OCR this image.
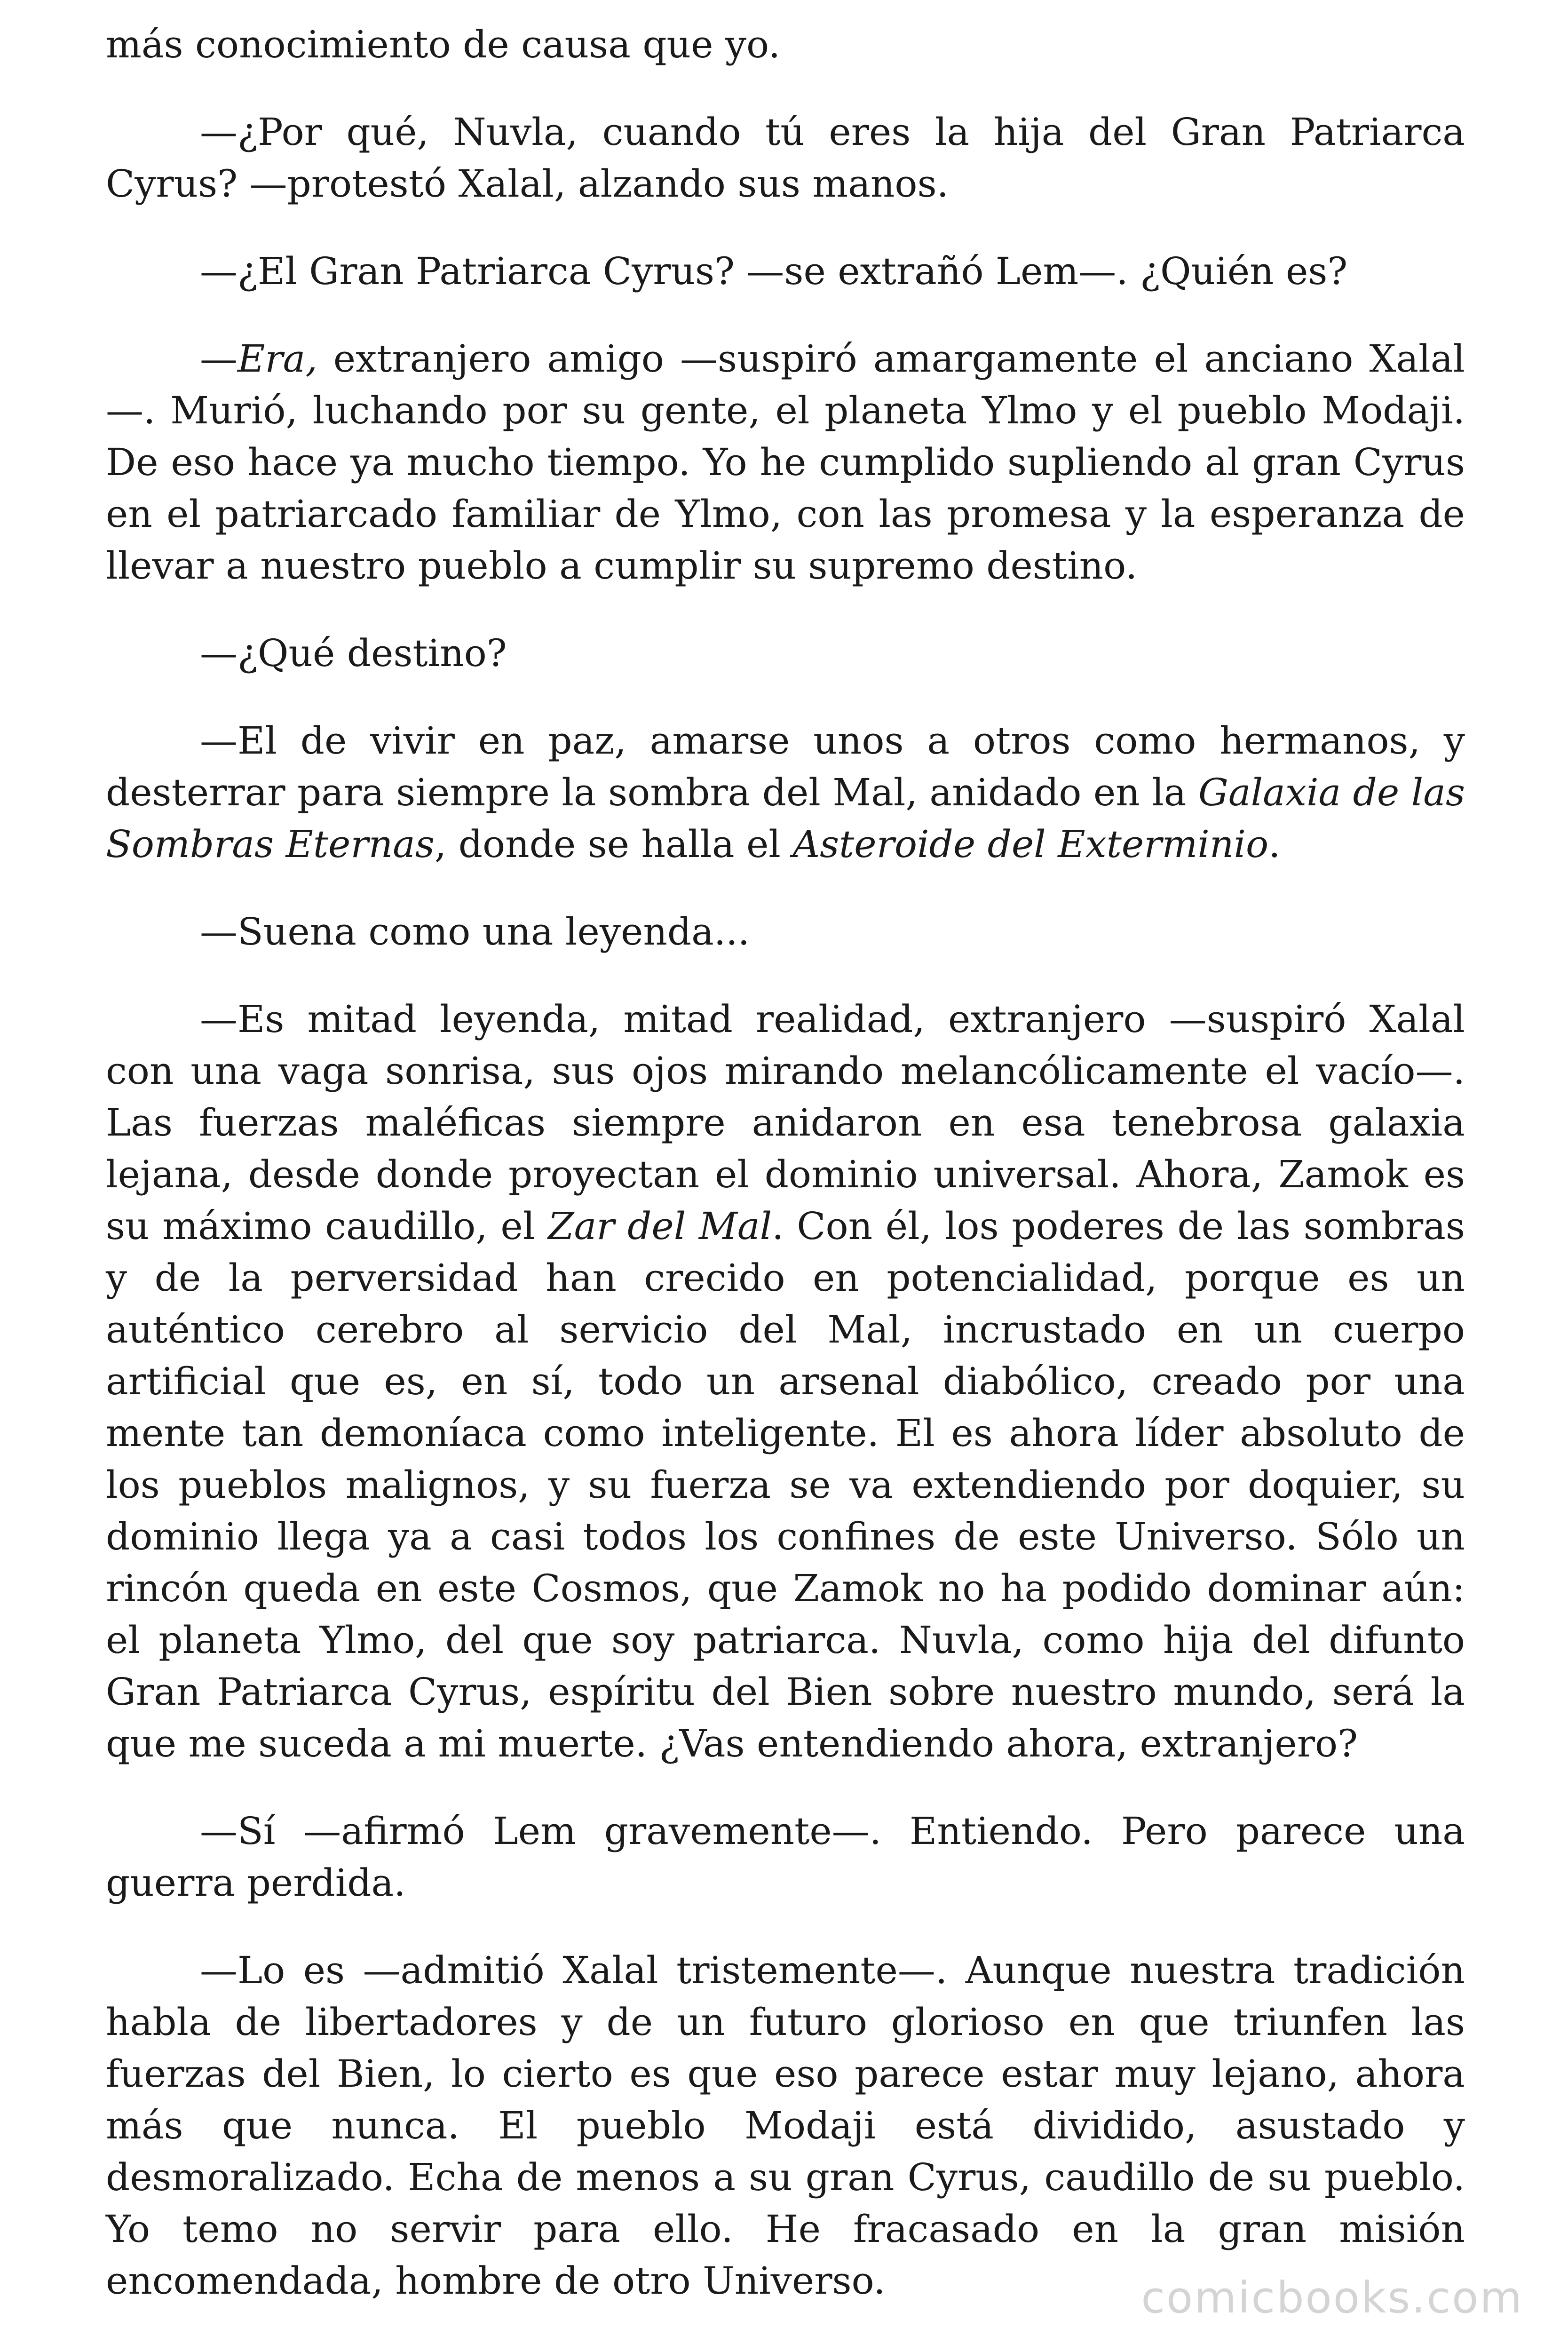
más conocimiento de causa que yo.

—¿Por qué, Nuvla, cuando tú eres la hija del Gran Patriarca Cyrus? —protestó Xalal, alzando sus manos.

—¿El Gran Patriarca Cyrus? —se extrañó Lem—. ¿Quién es?

—Era, extranjero amigo —suspiró amargamente el anciano Xalal —. Murió, luchando por su gente, el planeta Ylmo y el pueblo Modaji. De eso hace ya mucho tiempo. Yo he cumplido supliendo al gran Cyrus en el patriarcado familiar de Ylmo, con las promesa y la esperanza de llevar a nuestro pueblo a cumplir su supremo destino.

—¿Qué destino?

—El de vivir en paz, amarse unos a otros como hermanos, y desterrar para siempre la sombra del Mal, anidado en la Galaxia de las Sombras Eternas, donde se halla el Asteroide del Exterminio.

—Suena como una leyenda...

—Es mitad leyenda, mitad realidad, extranjero —suspiró Xalal con una vaga sonrisa, sus ojos mirando melancólicamente el vacío—. Las fuerzas maléficas siempre anidaron en esa tenebrosa galaxia lejana, desde donde proyectan el dominio universal. Ahora, Zamok es su máximo caudillo, el Zar del Mal. Con él, los poderes de las sombras y de la perversidad han crecido en potencialidad, porque es un auténtico cerebro al servicio del Mal, incrustado en un cuerpo artificial que es, en sí, todo un arsenal diabólico, creado por una mente tan demoníaca como inteligente. El es ahora líder absoluto de los pueblos malignos, y su fuerza se va extendiendo por doquier, su dominio llega ya a casi todos los confines de este Universo. Sólo un rincón queda en este Cosmos, que Zamok no ha podido dominar aún: el planeta Ylmo, del que soy patriarca. Nuvla, como hija del difunto Gran Patriarca Cyrus, espíritu del Bien sobre nuestro mundo, será la que me suceda a mi muerte. ¿Vas entendiendo ahora, extranjero?

—Sí —afirmó Lem gravemente—. Entiendo. Pero parece una guerra perdida.

—Lo es —admitió Xalal tristemente—. Aunque nuestra tradición habla de libertadores y de un futuro glorioso en que triunfen las fuerzas del Bien, lo cierto es que eso parece estar muy lejano, ahora más que nunca. El pueblo Modaji está dividido, asustado y desmoralizado. Echa de menos a su gran Cyrus, caudillo de su pueblo. Yo temo no servir para ello. He fracasado en la gran misión encomendada, hombre de otro Universo.	comicbooks.com
